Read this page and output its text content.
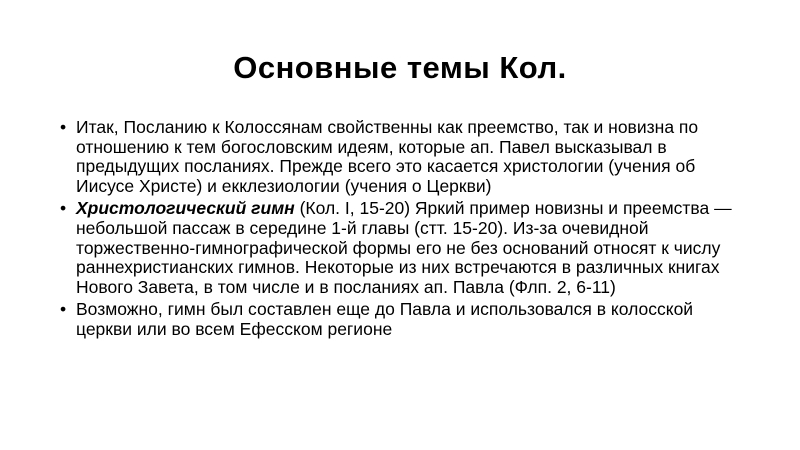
Основные темы Кол.
• Итак, Посланию к Колоссянам свойственны как преемство, так и новизна по отношению к тем богословским идеям, которые ап. Павел высказывал в предыдущих посланиях. Прежде всего это касается христологии (учения об Иисусе Христе) и екклезиологии (учения о Церкви)
• Христологический гимн (Кол. I, 15-20) Яркий пример новизны и преемства — небольшой пассаж в середине 1-й главы (стт. 15-20). Из-за очевидной торжественно-гимнографической формы его не без оснований относят к числу раннехристианских гимнов. Некоторые из них встречаются в различных книгах Нового Завета, в том числе и в посланиях ап. Павла (Флп. 2, 6-11)
• Возможно, гимн был составлен еще до Павла и использовался в колосской церкви или во всем Ефесском регионе
